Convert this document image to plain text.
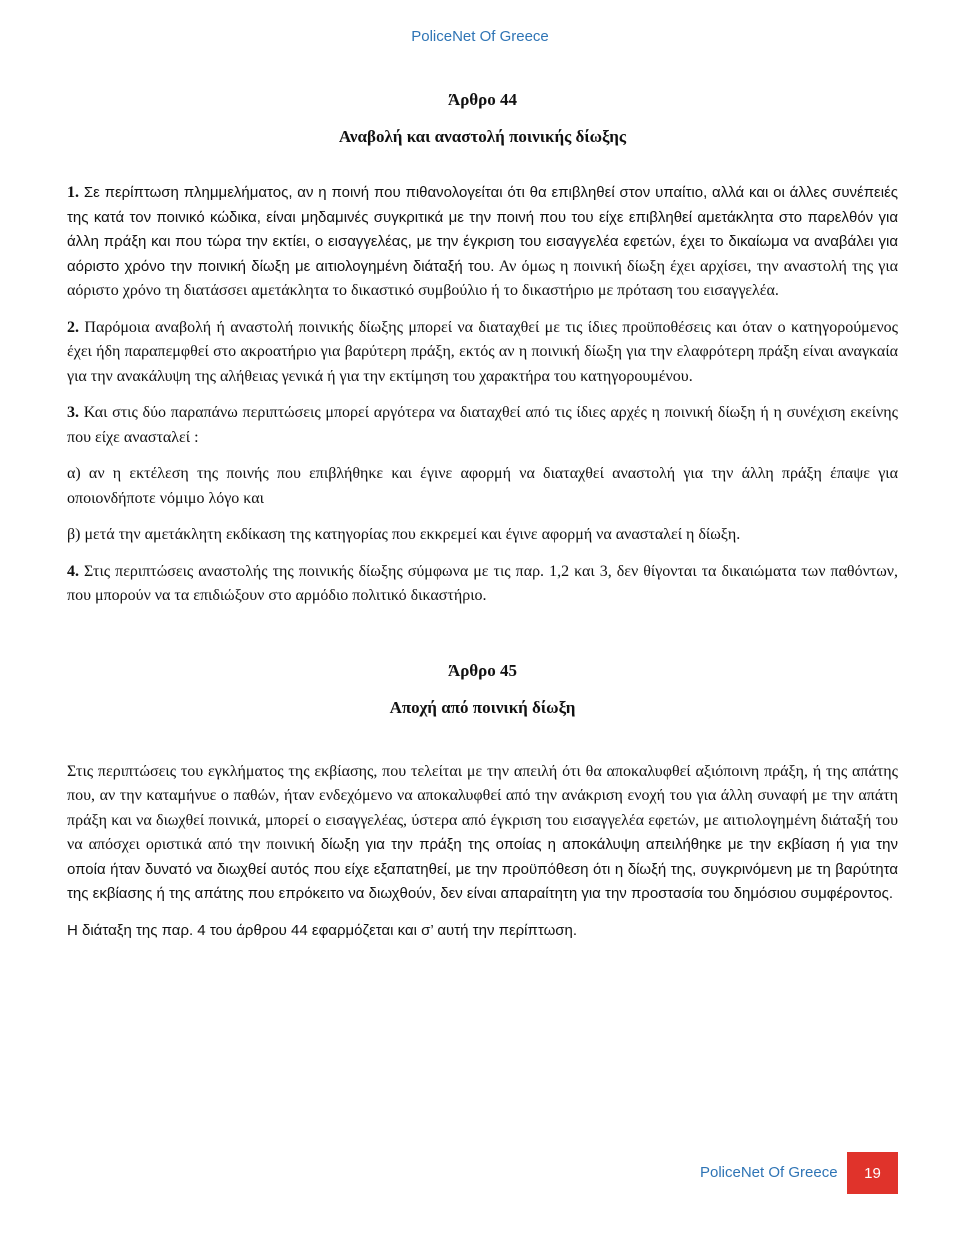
PoliceNet Of Greece

Άρθρο 44

Αναβολή και αναστολή ποινικής δίωξης

1. Σε περίπτωση πλημμελήματος, αν η ποινή που πιθανολογείται ότι θα επιβληθεί στον υπαίτιο, αλλά και οι άλλες συνέπειές της κατά τον ποινικό κώδικα, είναι μηδαμινές συγκριτικά με την ποινή που του είχε επιβληθεί αμετάκλητα στο παρελθόν για άλλη πράξη και που τώρα την εκτίει, ο εισαγγελέας, με την έγκριση του εισαγγελέα εφετών, έχει το δικαίωμα να αναβάλει για αόριστο χρόνο την ποινική δίωξη με αιτιολογημένη διάταξή του. Αν όμως η ποινική δίωξη έχει αρχίσει, την αναστολή της για αόριστο χρόνο τη διατάσσει αμετάκλητα το δικαστικό συμβούλιο ή το δικαστήριο με πρόταση του εισαγγελέα.

2. Παρόμοια αναβολή ή αναστολή ποινικής δίωξης μπορεί να διαταχθεί με τις ίδιες προϋποθέσεις και όταν ο κατηγορούμενος έχει ήδη παραπεμφθεί στο ακροατήριο για βαρύτερη πράξη, εκτός αν η ποινική δίωξη για την ελαφρότερη πράξη είναι αναγκαία για την ανακάλυψη της αλήθειας γενικά ή για την εκτίμηση του χαρακτήρα του κατηγορουμένου.

3. Και στις δύο παραπάνω περιπτώσεις μπορεί αργότερα να διαταχθεί από τις ίδιες αρχές η ποινική δίωξη ή η συνέχιση εκείνης που είχε ανασταλεί :

α) αν η εκτέλεση της ποινής που επιβλήθηκε και έγινε αφορμή να διαταχθεί αναστολή για την άλλη πράξη έπαψε για οποιονδήποτε νόμιμο λόγο και

β) μετά την αμετάκλητη εκδίκαση της κατηγορίας που εκκρεμεί και έγινε αφορμή να ανασταλεί η δίωξη.

4. Στις περιπτώσεις αναστολής της ποινικής δίωξης σύμφωνα με τις παρ. 1,2 και 3, δεν θίγονται τα δικαιώματα των παθόντων, που μπορούν να τα επιδιώξουν στο αρμόδιο πολιτικό δικαστήριο.

Άρθρο 45

Αποχή από ποινική δίωξη

Στις περιπτώσεις του εγκλήματος της εκβίασης, που τελείται με την απειλή ότι θα αποκαλυφθεί αξιόποινη πράξη, ή της απάτης που, αν την καταμήνυε ο παθών, ήταν ενδεχόμενο να αποκαλυφθεί από την ανάκριση ενοχή του για άλλη συναφή με την απάτη πράξη και να διωχθεί ποινικά, μπορεί ο εισαγγελέας, ύστερα από έγκριση του εισαγγελέα εφετών, με αιτιολογημένη διάταξή του να απόσχει οριστικά από την ποινική δίωξη για την πράξη της οποίας η αποκάλυψη απειλήθηκε με την εκβίαση ή για την οποία ήταν δυνατό να διωχθεί αυτός που είχε εξαπατηθεί, με την προϋπόθεση ότι η δίωξή της, συγκρινόμενη με τη βαρύτητα της εκβίασης ή της απάτης που επρόκειτο να διωχθούν, δεν είναι απαραίτητη για την προστασία του δημόσιου συμφέροντος.

Η διάταξη της παρ. 4 του άρθρου 44 εφαρμόζεται και σ’ αυτή την περίπτωση.

PoliceNet Of Greece	19
